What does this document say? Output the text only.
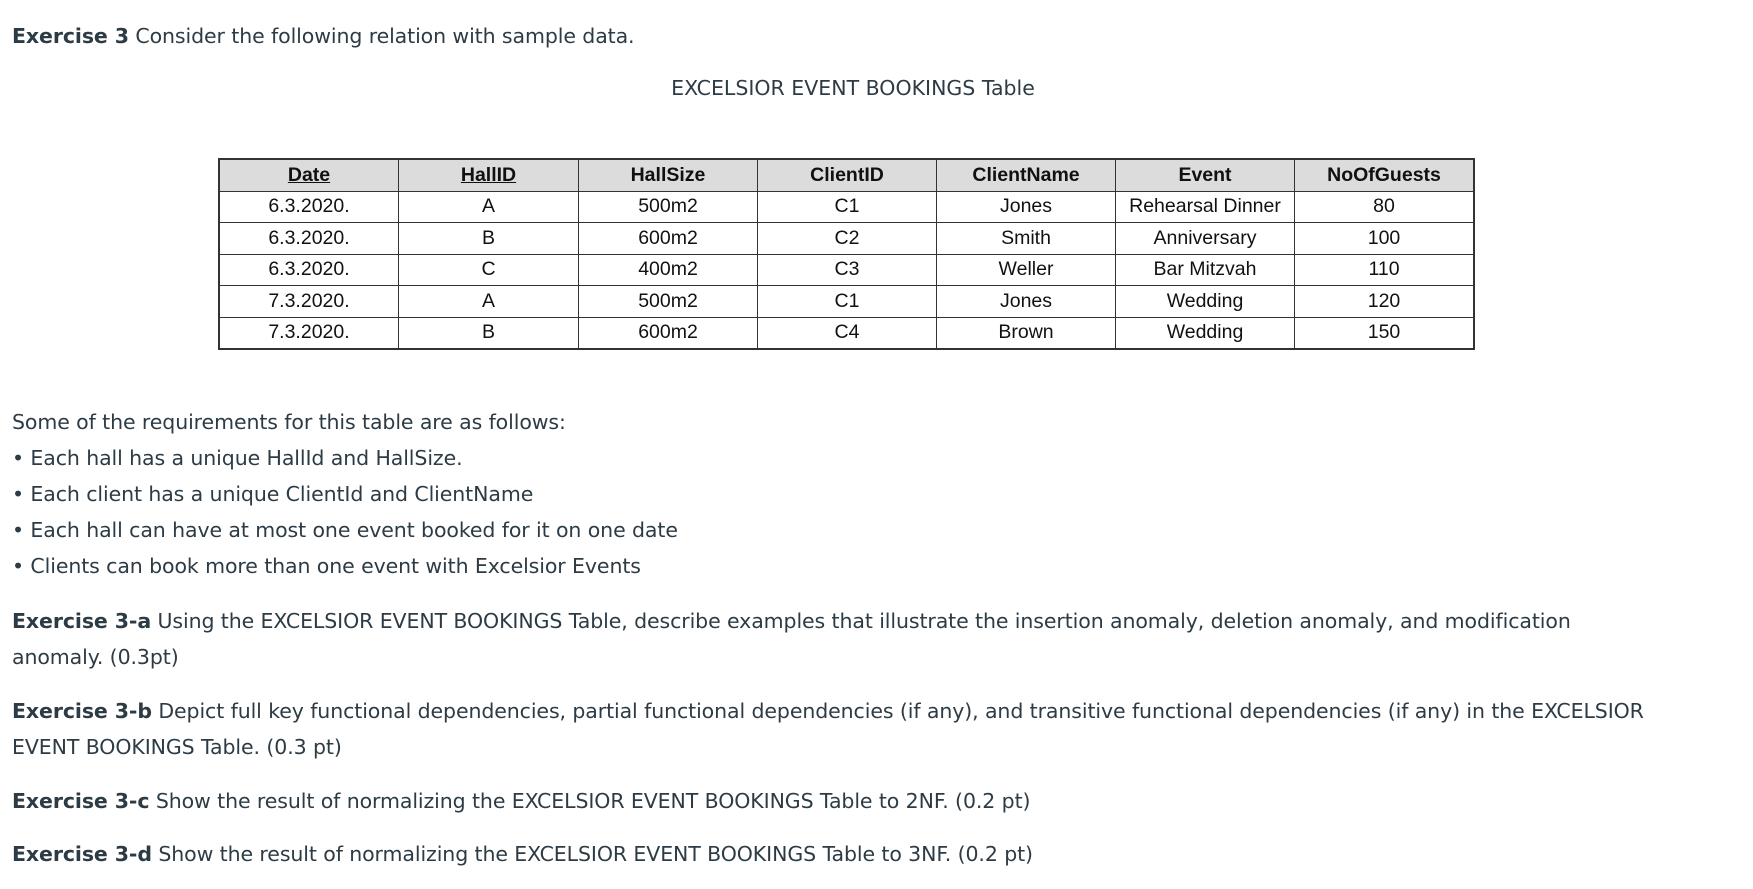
Exercise 3 Consider the following relation with sample data.
EXCELSIOR EVENT BOOKINGS Table
Date	HallID	HallSize	ClientID	ClientName	Event	NoOfGuests
6.3.2020.	A	500m2	C1	Jones	Rehearsal Dinner	80
6.3.2020.	B	600m2	C2	Smith	Anniversary	100
6.3.2020.	C	400m2	C3	Weller	Bar Mitzvah	110
7.3.2020.	A	500m2	C1	Jones	Wedding	120
7.3.2020.	B	600m2	C4	Brown	Wedding	150
Some of the requirements for this table are as follows:
• Each hall has a unique HallId and HallSize.
• Each client has a unique ClientId and ClientName
• Each hall can have at most one event booked for it on one date
• Clients can book more than one event with Excelsior Events
Exercise 3-a Using the EXCELSIOR EVENT BOOKINGS Table, describe examples that illustrate the insertion anomaly, deletion anomaly, and modification
anomaly. (0.3pt)
Exercise 3-b Depict full key functional dependencies, partial functional dependencies (if any), and transitive functional dependencies (if any) in the EXCELSIOR
EVENT BOOKINGS Table. (0.3 pt)
Exercise 3-c Show the result of normalizing the EXCELSIOR EVENT BOOKINGS Table to 2NF. (0.2 pt)
Exercise 3-d Show the result of normalizing the EXCELSIOR EVENT BOOKINGS Table to 3NF. (0.2 pt)
